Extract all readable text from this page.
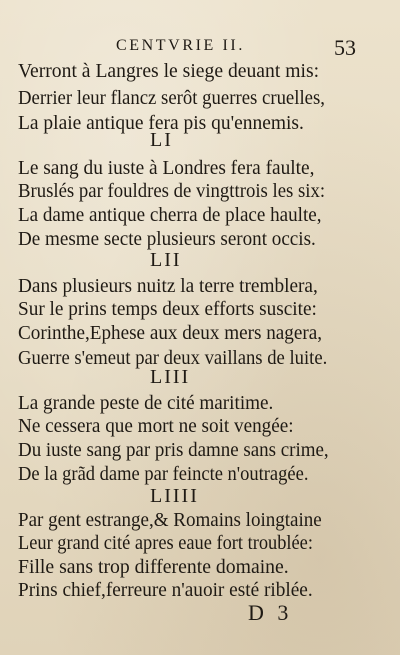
CENTVRIE II.	53
Verront à Langres le siege deuant mis:
Derrier leur flancz serôt guerres cruelles,
La plaie antique fera pis qu'ennemis.
LI
Le sang du iuste à Londres fera faulte,
Bruslés par fouldres de vingttrois les six:
La dame antique cherra de place haulte,
De mesme secte plusieurs seront occis.
LII
Dans plusieurs nuitz la terre tremblera,
Sur le prins temps deux efforts suscite:
Corinthe,Ephese aux deux mers nagera,
Guerre s'emeut par deux vaillans de luite.
LIII
La grande peste de cité maritime.
Ne cessera que mort ne soit vengée:
Du iuste sang par pris damne sans crime,
De la grãd dame par feincte n'outragée.
LIIII
Par gent estrange,& Romains loingtaine
Leur grand cité apres eaue fort troublée:
Fille sans trop differente domaine.
Prins chief,ferreure n'auoir esté riblée.
D 3
